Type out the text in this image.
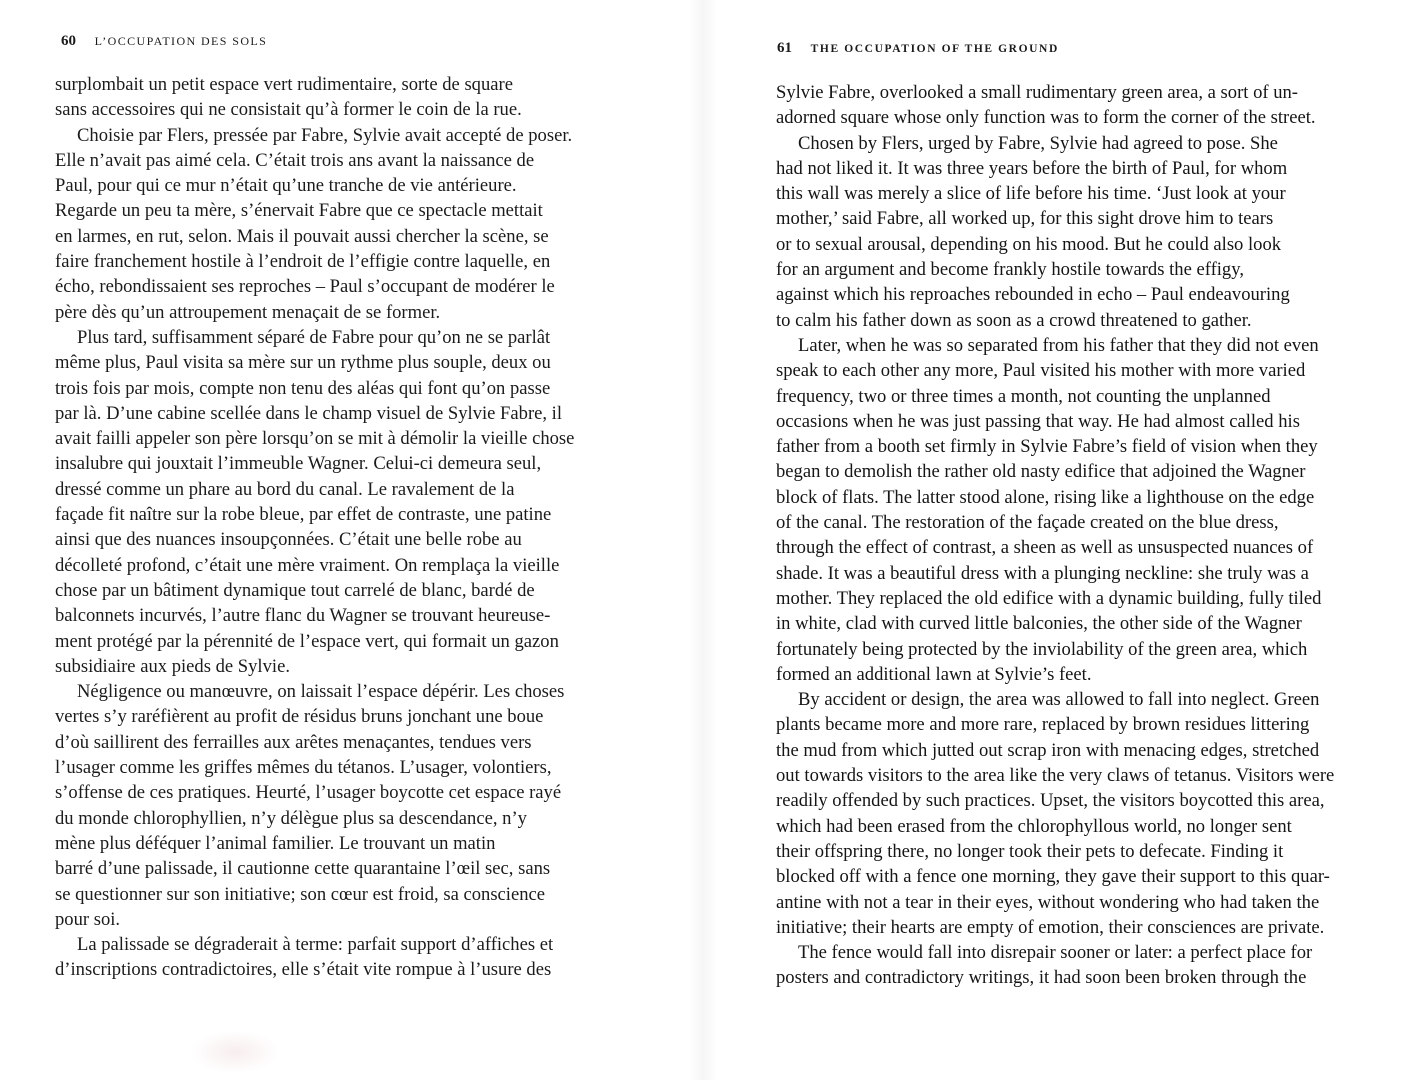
60 L’OCCUPATION DES SOLS
surplombait un petit espace vert rudimentaire, sorte de square
sans accessoires qui ne consistait qu’à former le coin de la rue.
Choisie par Flers, pressée par Fabre, Sylvie avait accepté de poser.
Elle n’avait pas aimé cela. C’était trois ans avant la naissance de
Paul, pour qui ce mur n’était qu’une tranche de vie antérieure.
Regarde un peu ta mère, s’énervait Fabre que ce spectacle mettait
en larmes, en rut, selon. Mais il pouvait aussi chercher la scène, se
faire franchement hostile à l’endroit de l’effigie contre laquelle, en
écho, rebondissaient ses reproches – Paul s’occupant de modérer le
père dès qu’un attroupement menaçait de se former.
Plus tard, suffisamment séparé de Fabre pour qu’on ne se parlât
même plus, Paul visita sa mère sur un rythme plus souple, deux ou
trois fois par mois, compte non tenu des aléas qui font qu’on passe
par là. D’une cabine scellée dans le champ visuel de Sylvie Fabre, il
avait failli appeler son père lorsqu’on se mit à démolir la vieille chose
insalubre qui jouxtait l’immeuble Wagner. Celui-ci demeura seul,
dressé comme un phare au bord du canal. Le ravalement de la
façade fit naître sur la robe bleue, par effet de contraste, une patine
ainsi que des nuances insoupçonnées. C’était une belle robe au
décolleté profond, c’était une mère vraiment. On remplaça la vieille
chose par un bâtiment dynamique tout carrelé de blanc, bardé de
balconnets incurvés, l’autre flanc du Wagner se trouvant heureuse-
ment protégé par la pérennité de l’espace vert, qui formait un gazon
subsidiaire aux pieds de Sylvie.
Négligence ou manœuvre, on laissait l’espace dépérir. Les choses
vertes s’y raréfièrent au profit de résidus bruns jonchant une boue
d’où saillirent des ferrailles aux arêtes menaçantes, tendues vers
l’usager comme les griffes mêmes du tétanos. L’usager, volontiers,
s’offense de ces pratiques. Heurté, l’usager boycotte cet espace rayé
du monde chlorophyllien, n’y délègue plus sa descendance, n’y
mène plus déféquer l’animal familier. Le trouvant un matin
barré d’une palissade, il cautionne cette quarantaine l’œil sec, sans
se questionner sur son initiative; son cœur est froid, sa conscience
pour soi.
La palissade se dégraderait à terme: parfait support d’affiches et
d’inscriptions contradictoires, elle s’était vite rompue à l’usure des
61 THE OCCUPATION OF THE GROUND
Sylvie Fabre, overlooked a small rudimentary green area, a sort of un-
adorned square whose only function was to form the corner of the street.
Chosen by Flers, urged by Fabre, Sylvie had agreed to pose. She
had not liked it. It was three years before the birth of Paul, for whom
this wall was merely a slice of life before his time. ‘Just look at your
mother,’ said Fabre, all worked up, for this sight drove him to tears
or to sexual arousal, depending on his mood. But he could also look
for an argument and become frankly hostile towards the effigy,
against which his reproaches rebounded in echo – Paul endeavouring
to calm his father down as soon as a crowd threatened to gather.
Later, when he was so separated from his father that they did not even
speak to each other any more, Paul visited his mother with more varied
frequency, two or three times a month, not counting the unplanned
occasions when he was just passing that way. He had almost called his
father from a booth set firmly in Sylvie Fabre’s field of vision when they
began to demolish the rather old nasty edifice that adjoined the Wagner
block of flats. The latter stood alone, rising like a lighthouse on the edge
of the canal. The restoration of the façade created on the blue dress,
through the effect of contrast, a sheen as well as unsuspected nuances of
shade. It was a beautiful dress with a plunging neckline: she truly was a
mother. They replaced the old edifice with a dynamic building, fully tiled
in white, clad with curved little balconies, the other side of the Wagner
fortunately being protected by the inviolability of the green area, which
formed an additional lawn at Sylvie’s feet.
By accident or design, the area was allowed to fall into neglect. Green
plants became more and more rare, replaced by brown residues littering
the mud from which jutted out scrap iron with menacing edges, stretched
out towards visitors to the area like the very claws of tetanus. Visitors were
readily offended by such practices. Upset, the visitors boycotted this area,
which had been erased from the chlorophyllous world, no longer sent
their offspring there, no longer took their pets to defecate. Finding it
blocked off with a fence one morning, they gave their support to this quar-
antine with not a tear in their eyes, without wondering who had taken the
initiative; their hearts are empty of emotion, their consciences are private.
The fence would fall into disrepair sooner or later: a perfect place for
posters and contradictory writings, it had soon been broken through the
